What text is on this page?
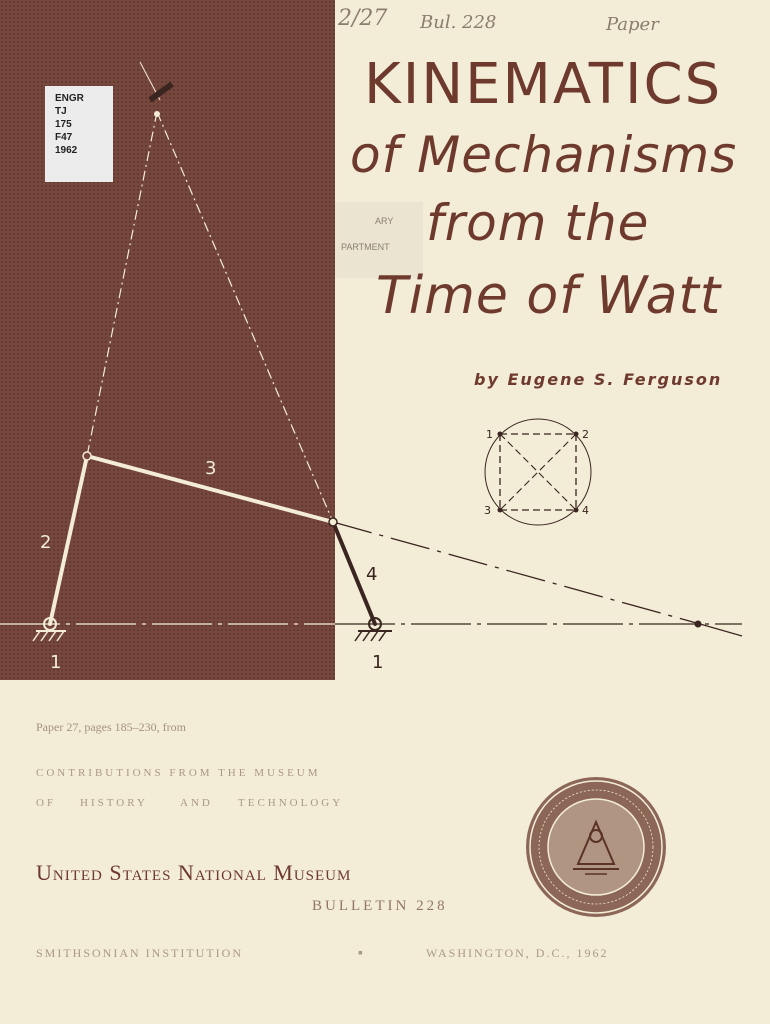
2/27 Bul. 228	Paper
ENGR
TJ
175
F47
1962
ARY
PARTMENT
KINEMATICS
of Mechanisms
from the
Time of Watt
by Eugene S. Ferguson
3
2
4
1	1
1	2
3	4
Paper 27, pages 185–230, from
CONTRIBUTIONS FROM THE MUSEUM
OF HISTORY	AND TECHNOLOGY
United States National Museum
BULLETIN 228
SMITHSONIAN INSTITUTION	▪	WASHINGTON, D.C., 1962
